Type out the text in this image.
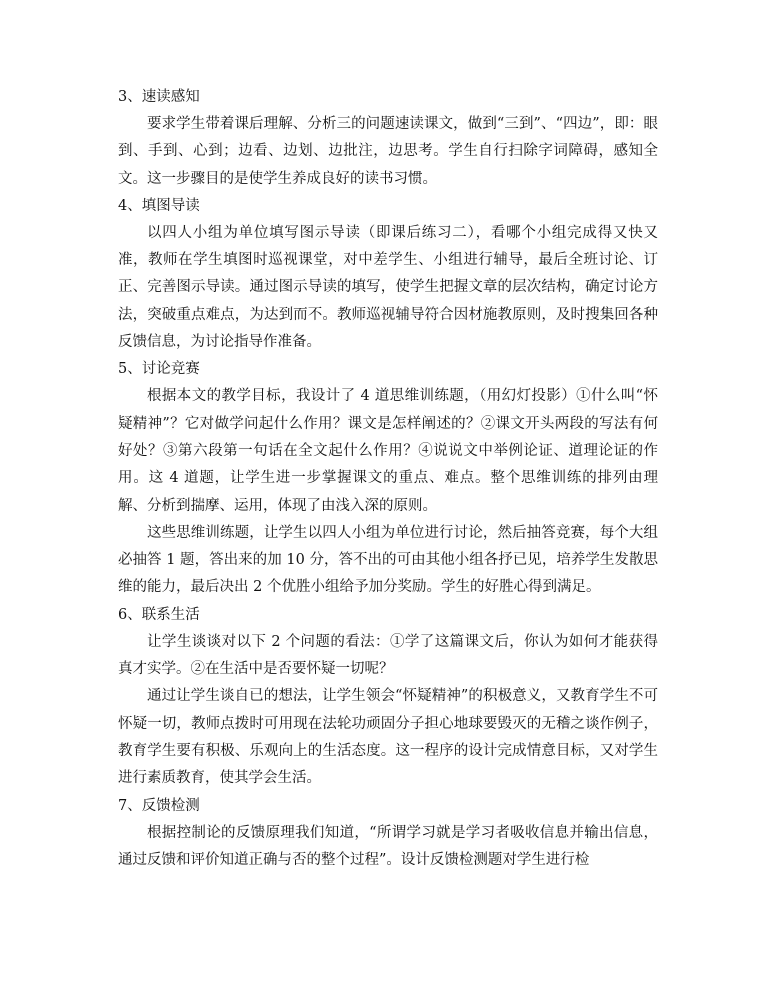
3、速读感知

要求学生带着课后理解、分析三的问题速读课文，做到“三到”、“四边”，即：眼到、手到、心到；边看、边划、边批注，边思考。学生自行扫除字词障碍，感知全文。这一步骤目的是使学生养成良好的读书习惯。

4、填图导读

以四人小组为单位填写图示导读（即课后练习二），看哪个小组完成得又快又准，教师在学生填图时巡视课堂，对中差学生、小组进行辅导，最后全班讨论、订正、完善图示导读。通过图示导读的填写，使学生把握文章的层次结构，确定讨论方法，突破重点难点，为达到而不。教师巡视辅导符合因材施教原则，及时搜集回各种反馈信息，为讨论指导作准备。

5、讨论竞赛

根据本文的教学目标，我设计了 4 道思维训练题，（用幻灯投影）①什么叫“怀疑精神”？它对做学问起什么作用？课文是怎样阐述的？②课文开头两段的写法有何好处？③第六段第一句话在全文起什么作用？④说说文中举例论证、道理论证的作用。这 4 道题，让学生进一步掌握课文的重点、难点。整个思维训练的排列由理解、分析到揣摩、运用，体现了由浅入深的原则。

这些思维训练题，让学生以四人小组为单位进行讨论，然后抽答竞赛，每个大组必抽答 1 题，答出来的加 10 分，答不出的可由其他小组各抒已见，培养学生发散思维的能力，最后决出 2 个优胜小组给予加分奖励。学生的好胜心得到满足。

6、联系生活

让学生谈谈对以下 2 个问题的看法：①学了这篇课文后，你认为如何才能获得真才实学。②在生活中是否要怀疑一切呢？

通过让学生谈自已的想法，让学生领会“怀疑精神”的积极意义，又教育学生不可怀疑一切，教师点拨时可用现在法轮功顽固分子担心地球要毁灭的无稽之谈作例子，教育学生要有积极、乐观向上的生活态度。这一程序的设计完成情意目标，又对学生进行素质教育，使其学会生活。

7、反馈检测

根据控制论的反馈原理我们知道，“所谓学习就是学习者吸收信息并输出信息，通过反馈和评价知道正确与否的整个过程”。设计反馈检测题对学生进行检
